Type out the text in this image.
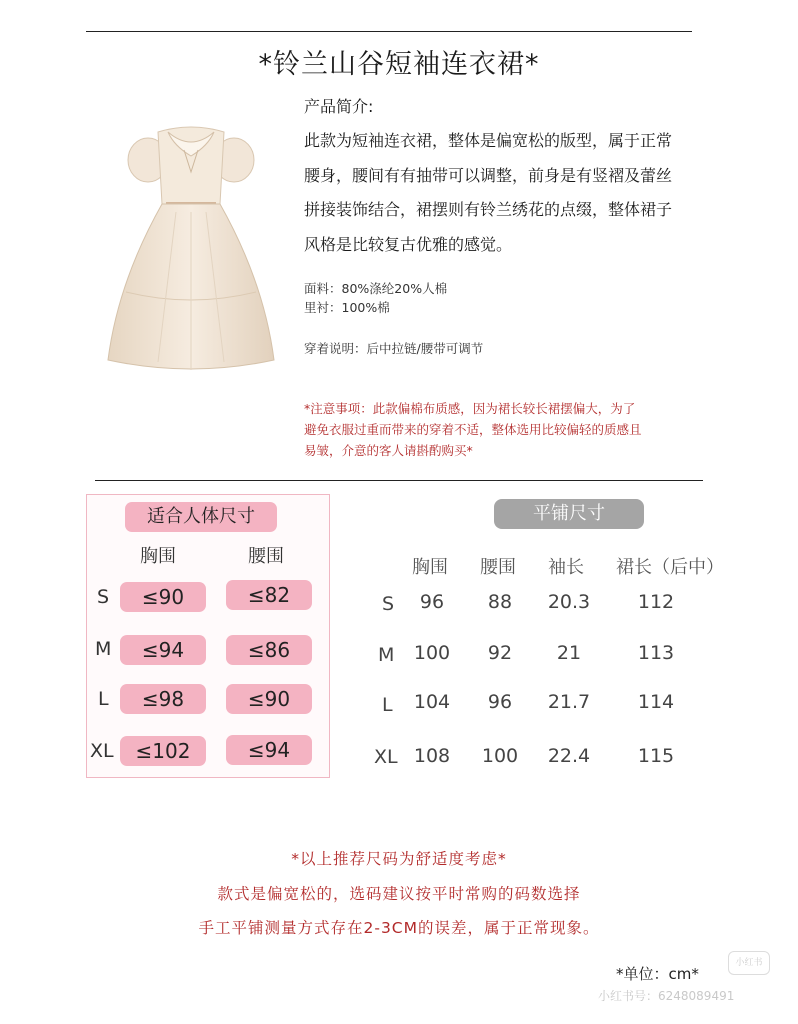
*铃兰山谷短袖连衣裙*
产品简介:
此款为短袖连衣裙，整体是偏宽松的版型，属于正常
腰身，腰间有有抽带可以调整，前身是有竖褶及蕾丝
拼接装饰结合，裙摆则有铃兰绣花的点缀，整体裙子
风格是比较复古优雅的感觉。
面料：80%涤纶20%人棉
里衬：100%棉
穿着说明：后中拉链/腰带可调节
*注意事项：此款偏棉布质感，因为裙长较长裙摆偏大，为了
避免衣服过重而带来的穿着不适，整体选用比较偏轻的质感且
易皱，介意的客人请斟酌购买*
适合人体尺寸
胸围	腰围
S	≤90	≤82
M	≤94	≤86
L	≤98	≤90
XL	≤102	≤94
平铺尺寸
胸围 腰围 袖长 裙长（后中）
S	96	88	20.3	112
M	100	92	21	113
L	104	96	21.7	114
XL 108	100	22.4	115
*以上推荐尺码为舒适度考虑*
款式是偏宽松的，选码建议按平时常购的码数选择
手工平铺测量方式存在2-3CM的误差，属于正常现象。
*单位：cm*
小红书
小红书号：6248089491
